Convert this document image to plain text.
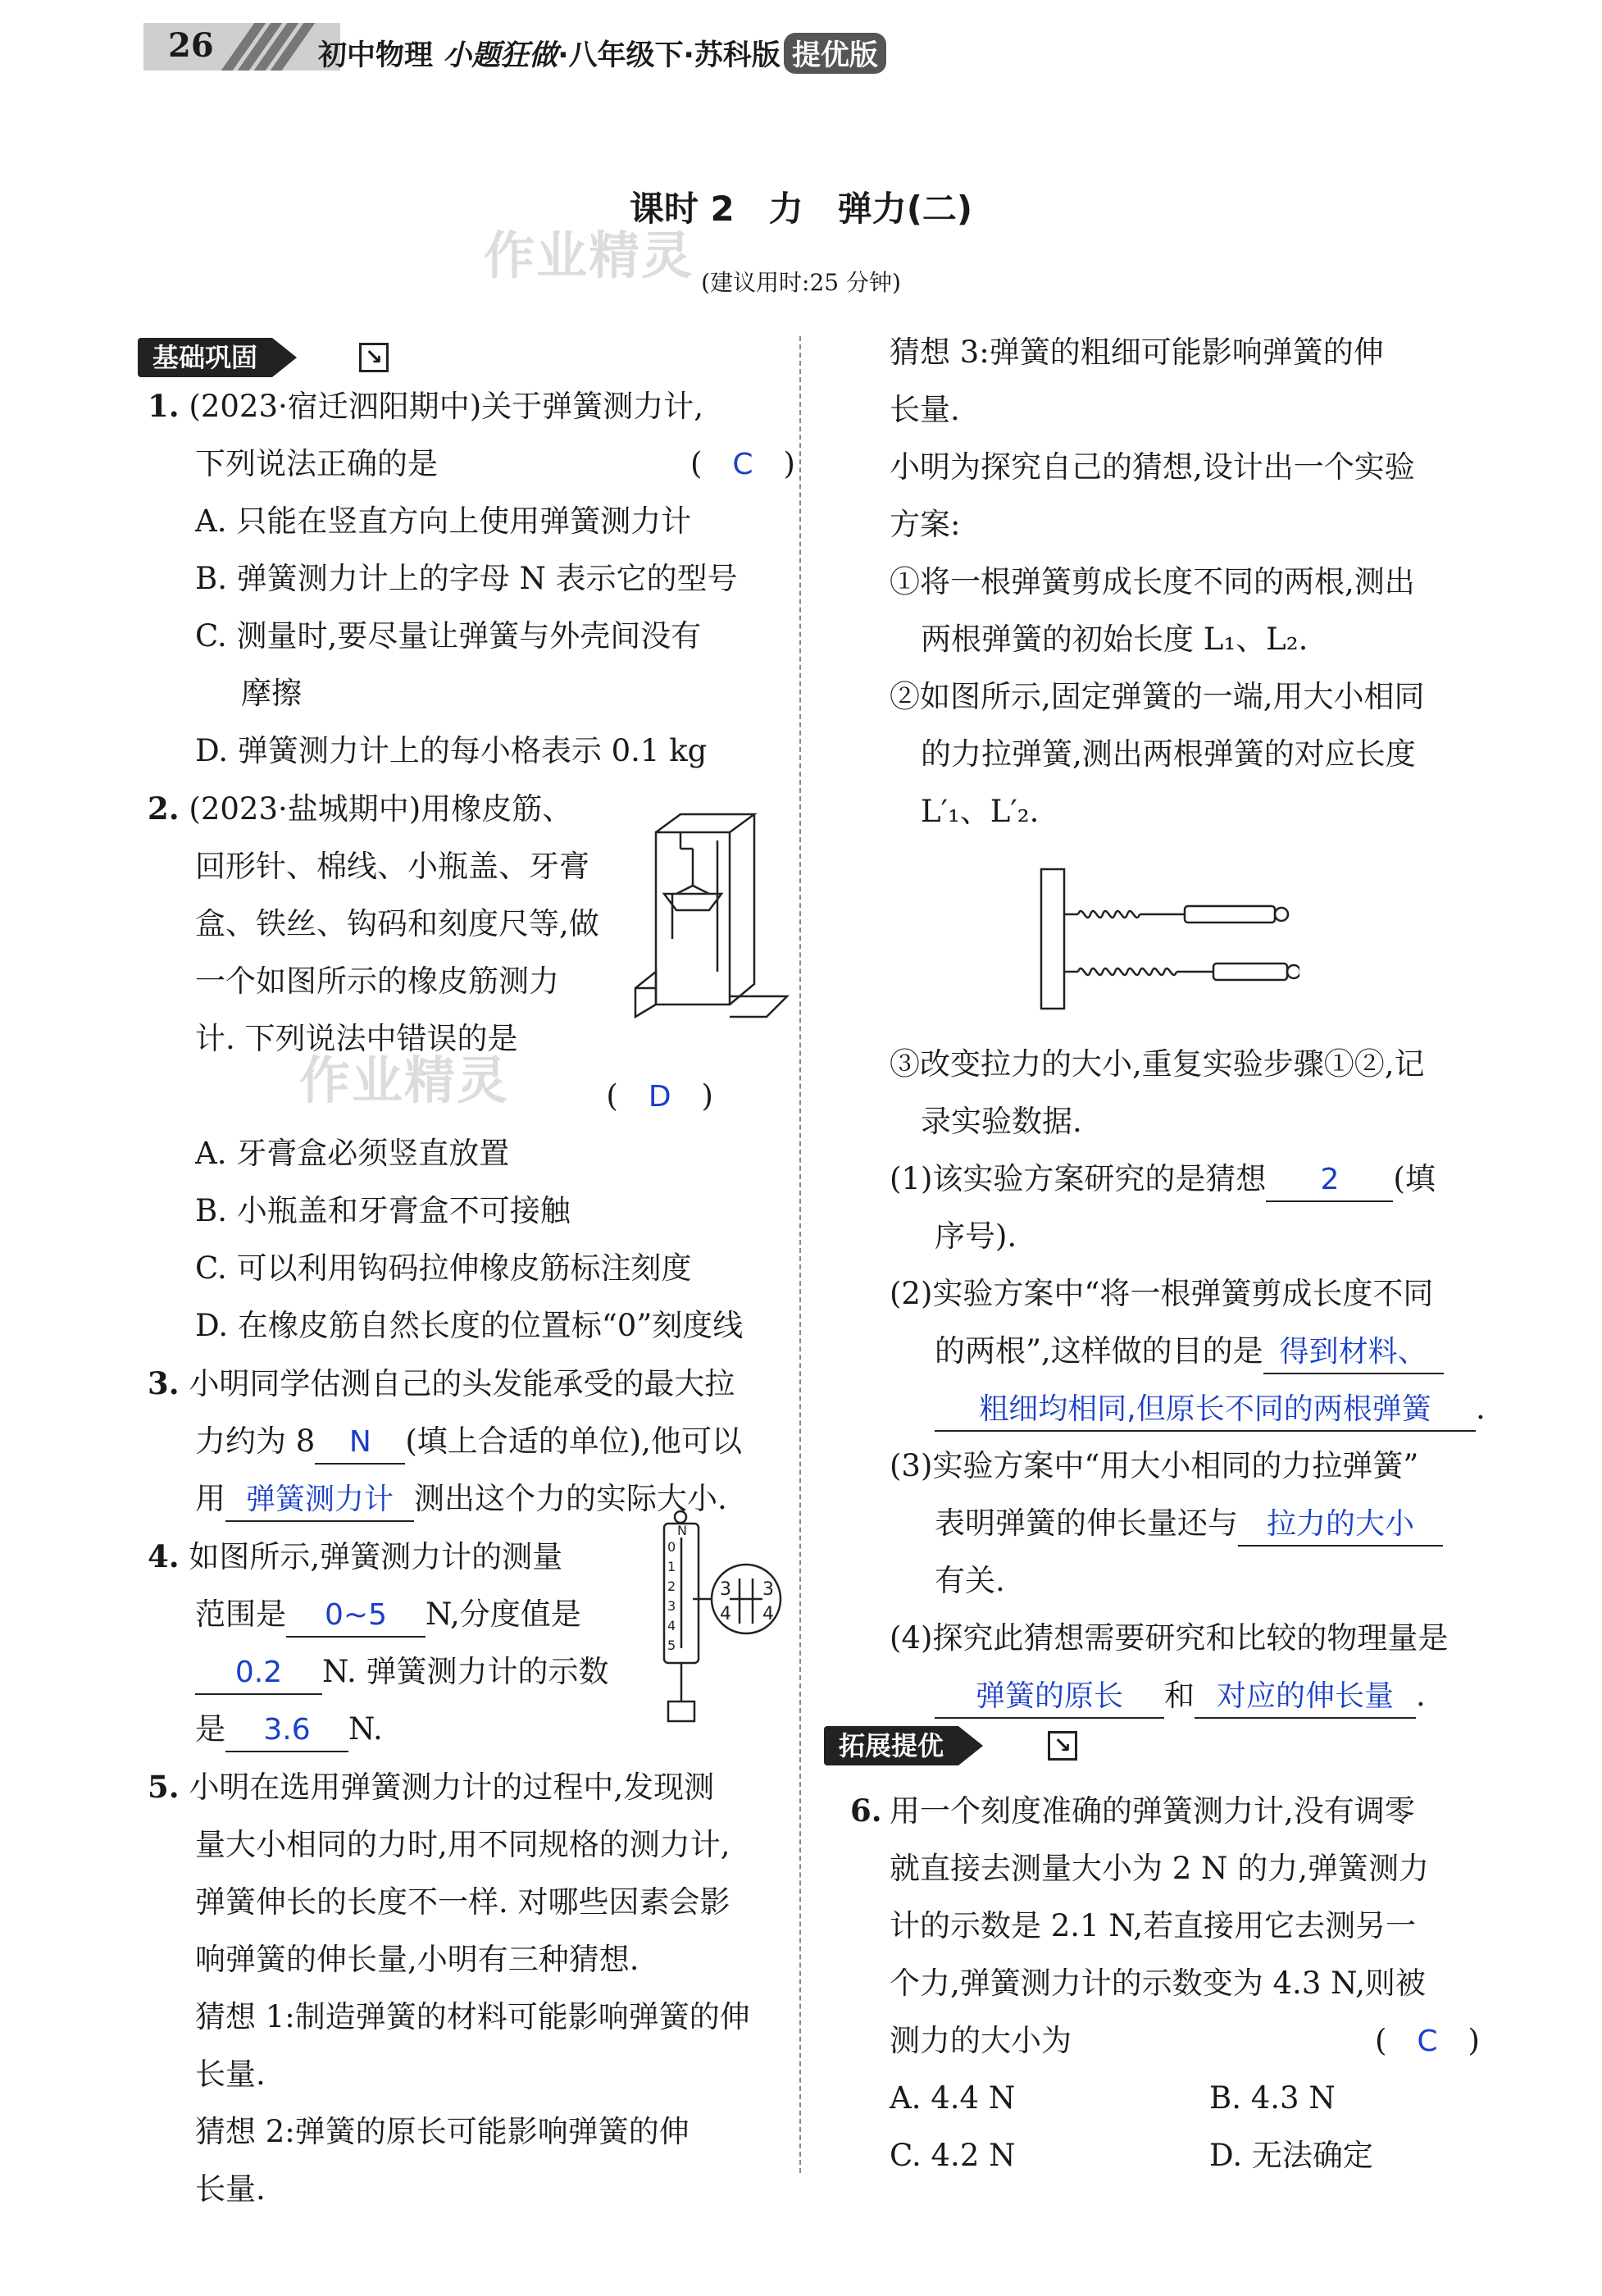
26	初中物理 小题狂做·八年级下·苏科版 提优版
课时 2　力　弹力(二)
(建议用时:25 分钟)
作业精灵
作业精灵
基础巩固	↘
1. (2023·宿迁泗阳期中)关于弹簧测力计,
下列说法正确的是	(　C　)
A. 只能在竖直方向上使用弹簧测力计
B. 弹簧测力计上的字母 N 表示它的型号
C. 测量时,要尽量让弹簧与外壳间没有
摩擦
D. 弹簧测力计上的每小格表示 0.1 kg
2. (2023·盐城期中)用橡皮筋、
回形针、棉线、小瓶盖、牙膏
盒、铁丝、钩码和刻度尺等,做
一个如图所示的橡皮筋测力
计. 下列说法中错误的是
(　D　)

A. 牙膏盒必须竖直放置
B. 小瓶盖和牙膏盒不可接触
C. 可以利用钩码拉伸橡皮筋标注刻度
D. 在橡皮筋自然长度的位置标“0”刻度线
3. 小明同学估测自己的头发能承受的最大拉
力约为 8 N (填上合适的单位),他可以
用 弹簧测力计 测出这个力的实际大小.
4. 如图所示,弹簧测力计的测量
范围是 0~5 N,分度值是
0.2 N. 弹簧测力计的示数
是 3.6 N.
5. 小明在选用弹簧测力计的过程中,发现测
量大小相同的力时,用不同规格的测力计,
弹簧伸长的长度不一样. 对哪些因素会影
响弹簧的伸长量,小明有三种猜想.
猜想 1:制造弹簧的材料可能影响弹簧的伸
长量.
猜想 2:弹簧的原长可能影响弹簧的伸
长量.
N
0
1
2
3
4
5
3
4
3
4
猜想 3:弹簧的粗细可能影响弹簧的伸
长量.
小明为探究自己的猜想,设计出一个实验
方案:
①将一根弹簧剪成长度不同的两根,测出
两根弹簧的初始长度 L₁、L₂.
②如图所示,固定弹簧的一端,用大小相同
的力拉弹簧,测出两根弹簧的对应长度
L′₁、L′₂.
③改变拉力的大小,重复实验步骤①②,记
录实验数据.
(1)该实验方案研究的是猜想 2 (填
序号).
(2)实验方案中“将一根弹簧剪成长度不同
的两根”,这样做的目的是 得到材料、
粗细均相同,但原长不同的两根弹簧 .
(3)实验方案中“用大小相同的力拉弹簧”
表明弹簧的伸长量还与 拉力的大小
有关.
(4)探究此猜想需要研究和比较的物理量是
弹簧的原长 和 对应的伸长量 .
6. 用一个刻度准确的弹簧测力计,没有调零
就直接去测量大小为 2 N 的力,弹簧测力
计的示数是 2.1 N,若直接用它去测另一
个力,弹簧测力计的示数变为 4.3 N,则被
测力的大小为	(　C　)
A. 4.4 N	B. 4.3 N
C. 4.2 N	D. 无法确定
拓展提优	↘
